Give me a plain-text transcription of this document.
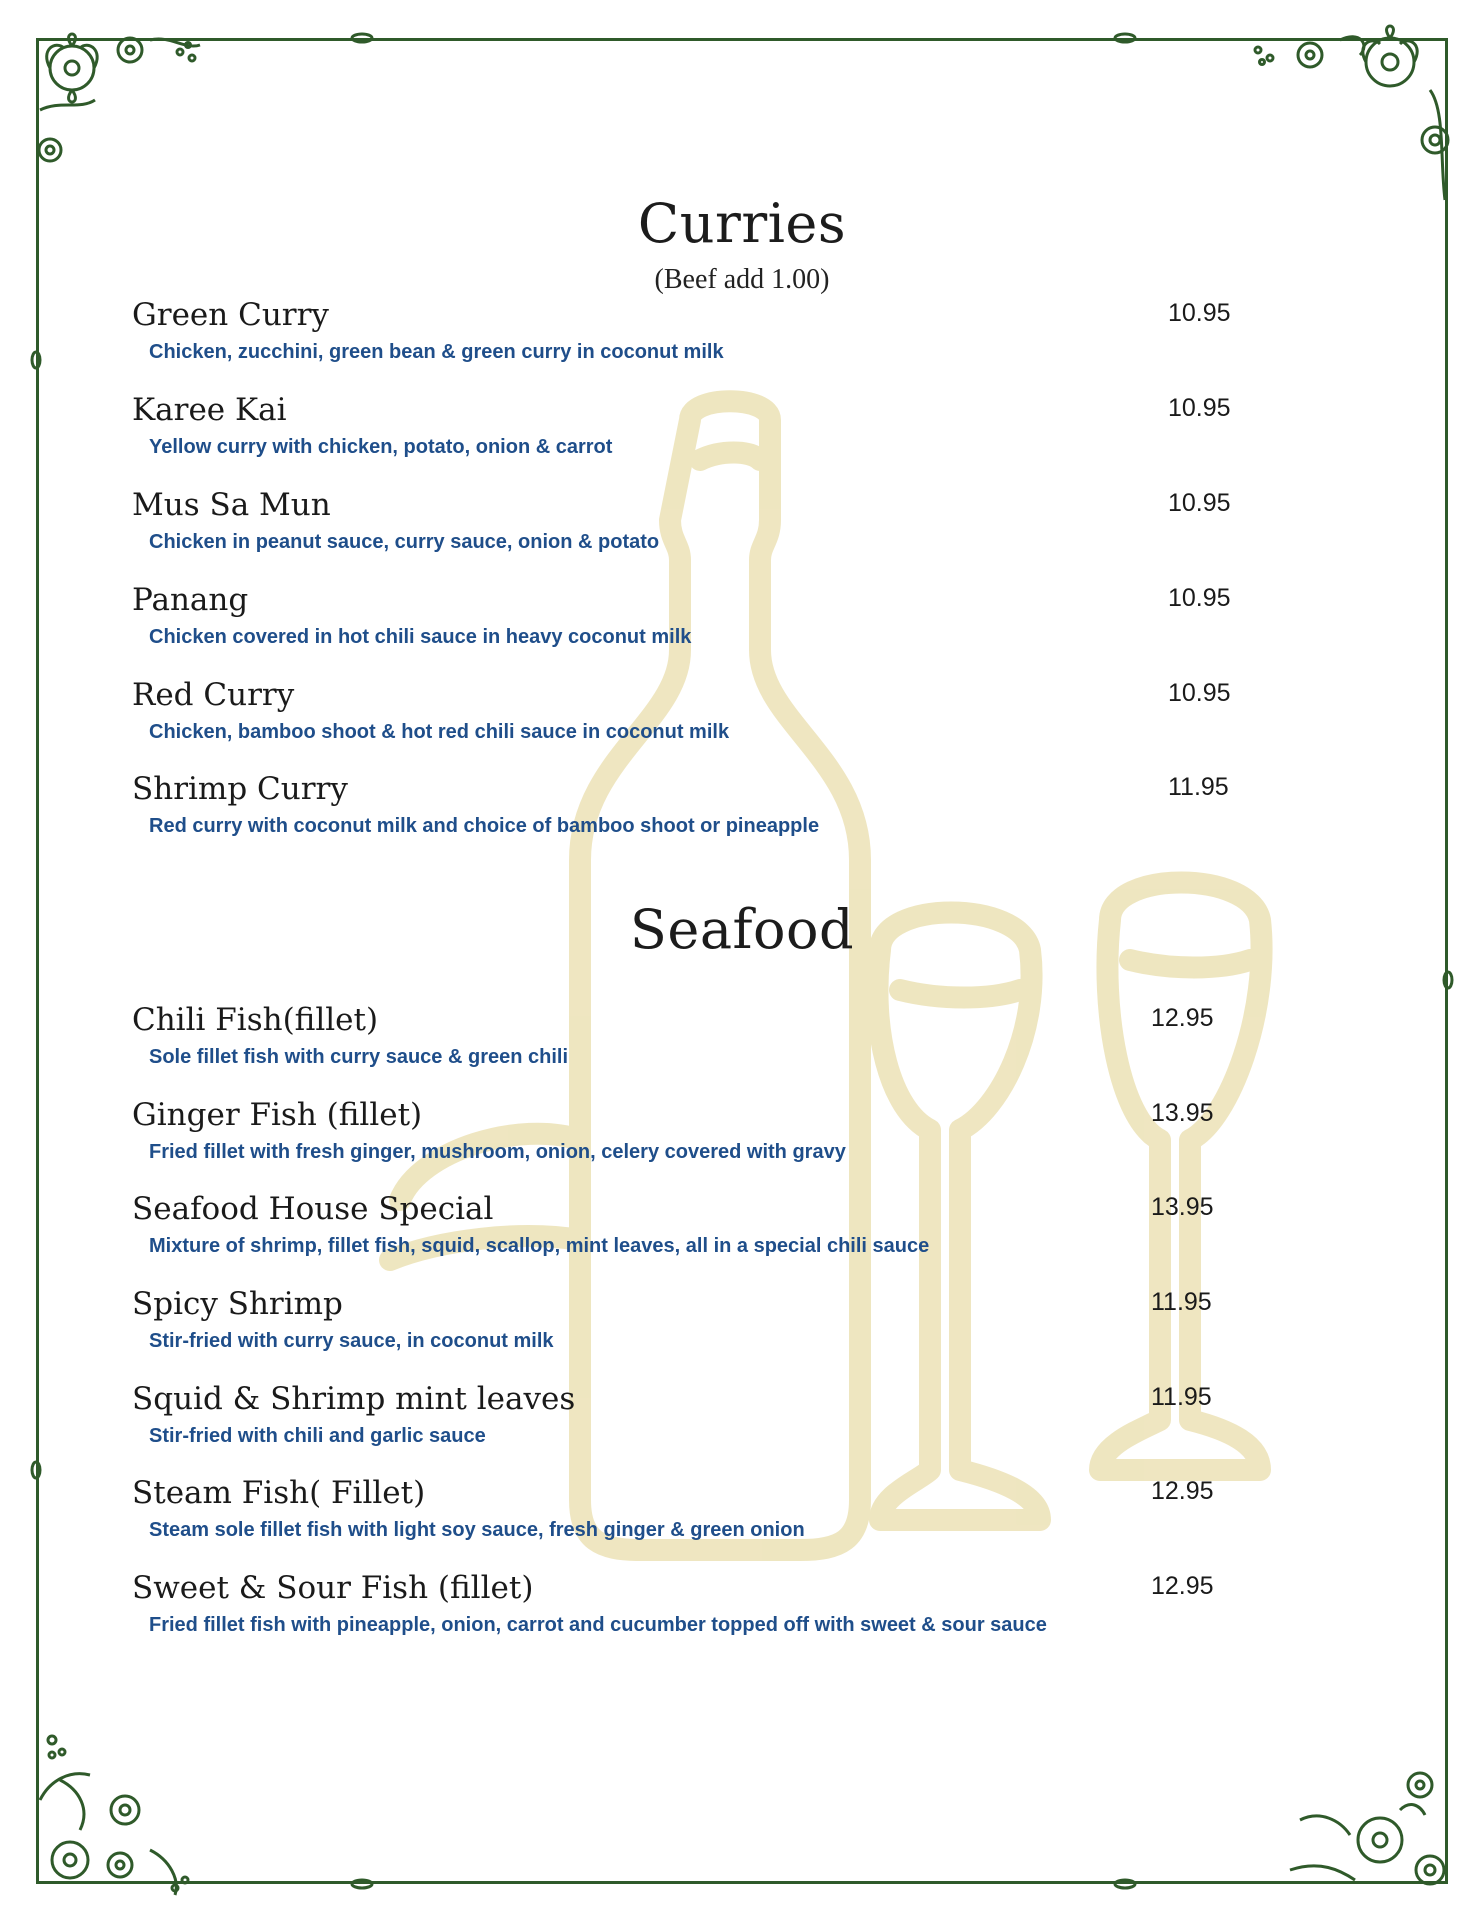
Curries
(Beef add 1.00)
Green Curry
Chicken, zucchini, green bean & green curry in coconut milk
10.95
Karee Kai
Yellow curry with chicken, potato, onion & carrot
10.95
Mus Sa Mun
Chicken in peanut sauce, curry sauce, onion & potato
10.95
Panang
Chicken covered in hot chili sauce in heavy coconut milk
10.95
Red Curry
Chicken, bamboo shoot & hot red chili sauce in coconut milk
10.95
Shrimp Curry
Red curry with coconut milk and choice of bamboo shoot or pineapple
11.95
Seafood
Chili Fish(fillet)
Sole fillet fish with curry sauce & green chili
12.95
Ginger Fish (fillet)
Fried fillet with fresh ginger, mushroom, onion, celery covered with gravy
13.95
Seafood House Special
Mixture of shrimp, fillet fish, squid, scallop, mint leaves, all in a special chili sauce
13.95
Spicy Shrimp
Stir-fried with curry sauce, in coconut milk
11.95
Squid & Shrimp mint leaves
Stir-fried with chili and garlic sauce
11.95
Steam Fish( Fillet)
Steam sole fillet fish with light soy sauce, fresh ginger & green onion
12.95
Sweet & Sour Fish (fillet)
Fried fillet fish with pineapple, onion, carrot and cucumber topped off with sweet & sour sauce
12.95
